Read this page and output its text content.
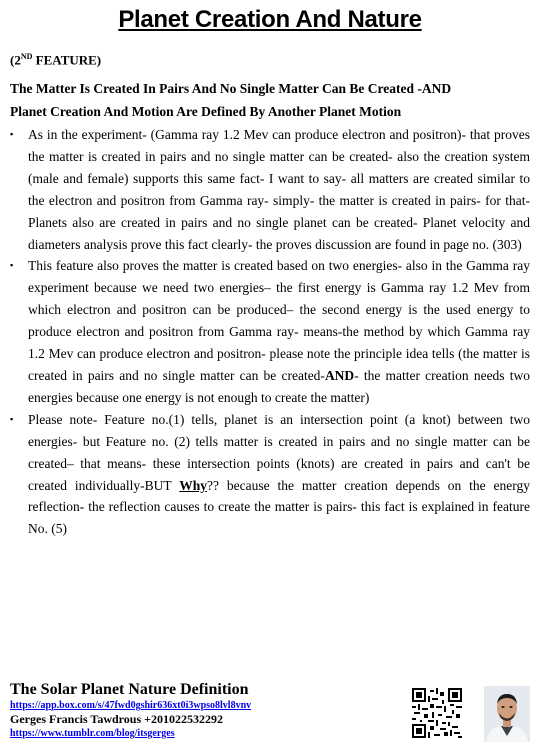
Planet Creation And Nature
(2ND FEATURE)
The Matter Is Created In Pairs And No Single Matter Can Be Created -AND
Planet Creation And Motion Are Defined By Another Planet Motion
▪ As in the experiment- (Gamma ray 1.2 Mev can produce electron and positron)- that proves the matter is created in pairs and no single matter can be created- also the creation system (male and female) supports this same fact- I want to say- all matters are created similar to the electron and positron from Gamma ray- simply- the matter is created in pairs- for that- Planets also are created in pairs and no single planet can be created- Planet velocity and diameters analysis prove this fact clearly- the proves discussion are found in page no. (303)
▪ This feature also proves the matter is created based on two energies- also in the Gamma ray experiment because we need two energies– the first energy is Gamma ray 1.2 Mev from which electron and positron can be produced– the second energy is the used energy to produce electron and positron from Gamma ray- means-the method by which Gamma ray 1.2 Mev can produce electron and positron- please note the principle idea tells (the matter is created in pairs and no single matter can be created-AND- the matter creation needs two energies because one energy is not enough to create the matter)
▪ Please note- Feature no.(1) tells, planet is an intersection point (a knot) between two energies- but Feature no. (2) tells matter is created in pairs and no single matter can be created– that means- these intersection points (knots) are created in pairs and can't be created individually-BUT Why?? because the matter creation depends on the energy reflection- the reflection causes to create the matter is pairs- this fact is explained in feature No. (5)
The Solar Planet Nature Definition
https://app.box.com/s/47fwd0gshir636xt0i3wpso8lvl8vnv
Gerges Francis Tawdrous +201022532292
https://www.tumblr.com/blog/itsgerges
